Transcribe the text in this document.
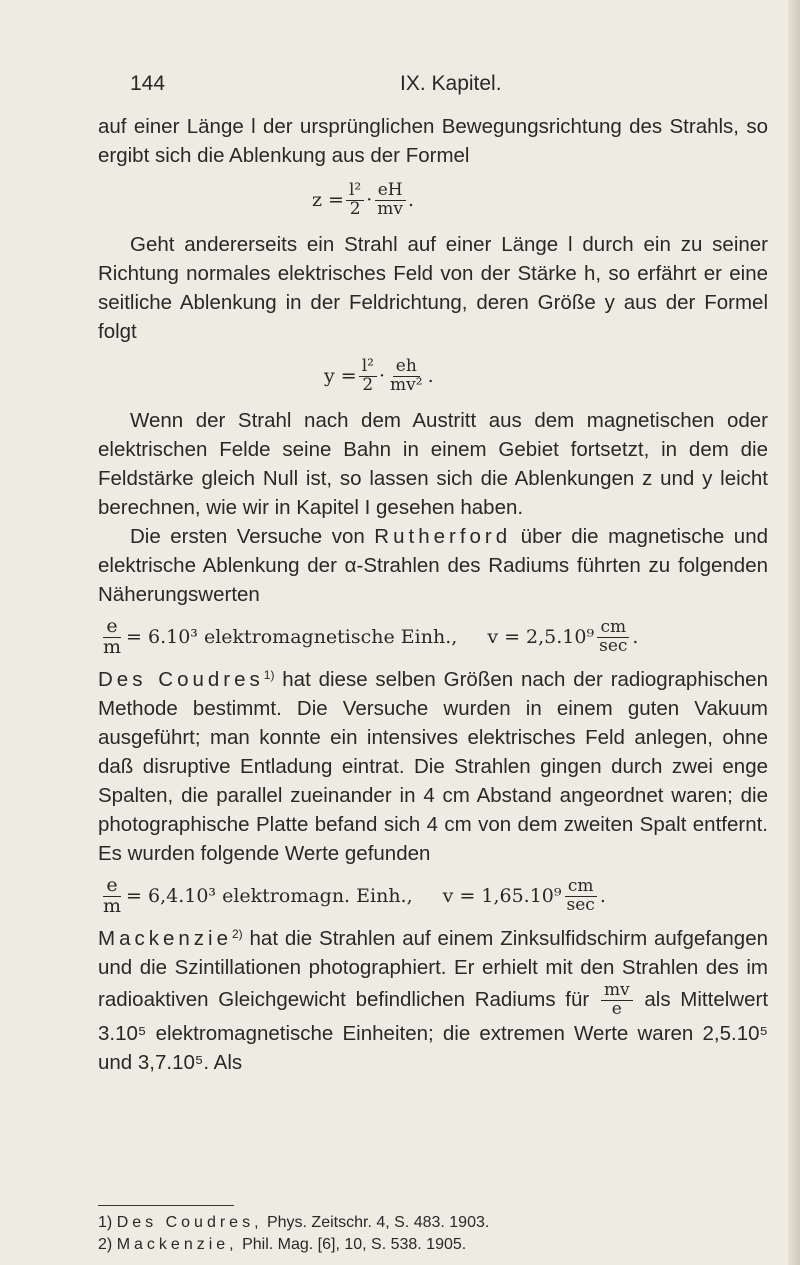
144	IX. Kapitel.

auf einer Länge l der ursprünglichen Bewegungsrichtung des Strahls, so ergibt sich die Ablenkung aus der Formel

$z = \frac{\text{l²}}{2} \cdot \frac{eH}{mv}$ .

Geht andererseits ein Strahl auf einer Länge l durch ein zu seiner Richtung normales elektrisches Feld von der Stärke h, so erfährt er eine seitliche Ablenkung in der Feldrichtung, deren Größe y aus der Formel folgt

$y = \frac{\text{l²}}{2} \cdot \frac{eh}{\text{mv²}}$ .

Wenn der Strahl nach dem Austritt aus dem magnetischen oder elektrischen Felde seine Bahn in einem Gebiet fortsetzt, in dem die Feldstärke gleich Null ist, so lassen sich die Ablenkungen z und y leicht berechnen, wie wir in Kapitel I gesehen haben.

Die ersten Versuche von Rutherford über die magnetische und elektrische Ablenkung der α-Strahlen des Radiums führten zu folgenden Näherungswerten

$\frac{e}{m} = 6.10^3$ elektromagnetische Einh., $v = 2,5.10^9 \frac{cm}{\sec}$ .

Des Coudres$^{1)}$ hat diese selben Größen nach der radiographischen Methode bestimmt. Die Versuche wurden in einem guten Vakuum ausgeführt; man konnte ein intensives elektrisches Feld anlegen, ohne daß disruptive Entladung eintrat. Die Strahlen gingen durch zwei enge Spalten, die parallel zueinander in 4 cm Abstand angeordnet waren; die photographische Platte befand sich 4 cm von dem zweiten Spalt entfernt. Es wurden folgende Werte gefunden

$\frac{e}{m} = 6,4.10^3$ elektromagn. Einh., $v = 1,65.10^9 \frac{cm}{\sec}$ .

Mackenzie$^{2)}$ hat die Strahlen auf einem Zinksulfidschirm aufgefangen und die Szintillationen photographiert. Er erhielt mit den Strahlen des im radioaktiven Gleichgewicht befindlichen Radiums für $\frac{mv}{e}$ als Mittelwert 3.10⁵ elektromagnetische Einheiten; die extremen Werte waren 2,5.10⁵ und 3,7.10⁵. Als

1) Des Coudres, Phys. Zeitschr. 4, S. 483. 1903.
2) Mackenzie, Phil. Mag. [6], 10, S. 538. 1905.
